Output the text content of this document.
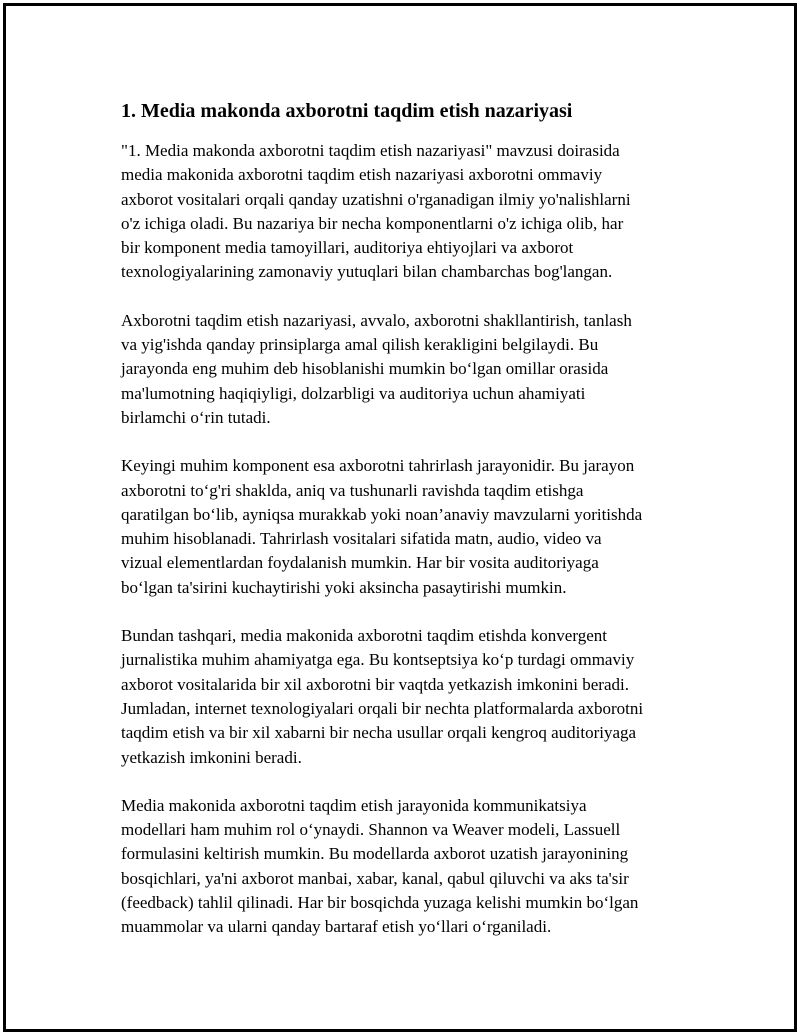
1. Media makonda axborotni taqdim etish nazariyasi

"1. Media makonda axborotni taqdim etish nazariyasi" mavzusi doirasida
media makonida axborotni taqdim etish nazariyasi axborotni ommaviy
axborot vositalari orqali qanday uzatishni o'rganadigan ilmiy yo'nalishlarni
o'z ichiga oladi. Bu nazariya bir necha komponentlarni o'z ichiga olib, har
bir komponent media tamoyillari, auditoriya ehtiyojlari va axborot
texnologiyalarining zamonaviy yutuqlari bilan chambarchas bog'langan.

Axborotni taqdim etish nazariyasi, avvalo, axborotni shakllantirish, tanlash
va yig'ishda qanday prinsiplarga amal qilish kerakligini belgilaydi. Bu
jarayonda eng muhim deb hisoblanishi mumkin bo‘lgan omillar orasida
ma'lumotning haqiqiyligi, dolzarbligi va auditoriya uchun ahamiyati
birlamchi o‘rin tutadi.

Keyingi muhim komponent esa axborotni tahrirlash jarayonidir. Bu jarayon
axborotni to‘g'ri shaklda, aniq va tushunarli ravishda taqdim etishga
qaratilgan bo‘lib, ayniqsa murakkab yoki noan’anaviy mavzularni yoritishda
muhim hisoblanadi. Tahrirlash vositalari sifatida matn, audio, video va
vizual elementlardan foydalanish mumkin. Har bir vosita auditoriyaga
bo‘lgan ta'sirini kuchaytirishi yoki aksincha pasaytirishi mumkin.

Bundan tashqari, media makonida axborotni taqdim etishda konvergent
jurnalistika muhim ahamiyatga ega. Bu kontseptsiya ko‘p turdagi ommaviy
axborot vositalarida bir xil axborotni bir vaqtda yetkazish imkonini beradi.
Jumladan, internet texnologiyalari orqali bir nechta platformalarda axborotni
taqdim etish va bir xil xabarni bir necha usullar orqali kengroq auditoriyaga
yetkazish imkonini beradi.

Media makonida axborotni taqdim etish jarayonida kommunikatsiya
modellari ham muhim rol o‘ynaydi. Shannon va Weaver modeli, Lassuell
formulasini keltirish mumkin. Bu modellarda axborot uzatish jarayonining
bosqichlari, ya'ni axborot manbai, xabar, kanal, qabul qiluvchi va aks ta'sir
(feedback) tahlil qilinadi. Har bir bosqichda yuzaga kelishi mumkin bo‘lgan
muammolar va ularni qanday bartaraf etish yo‘llari o‘rganiladi.
